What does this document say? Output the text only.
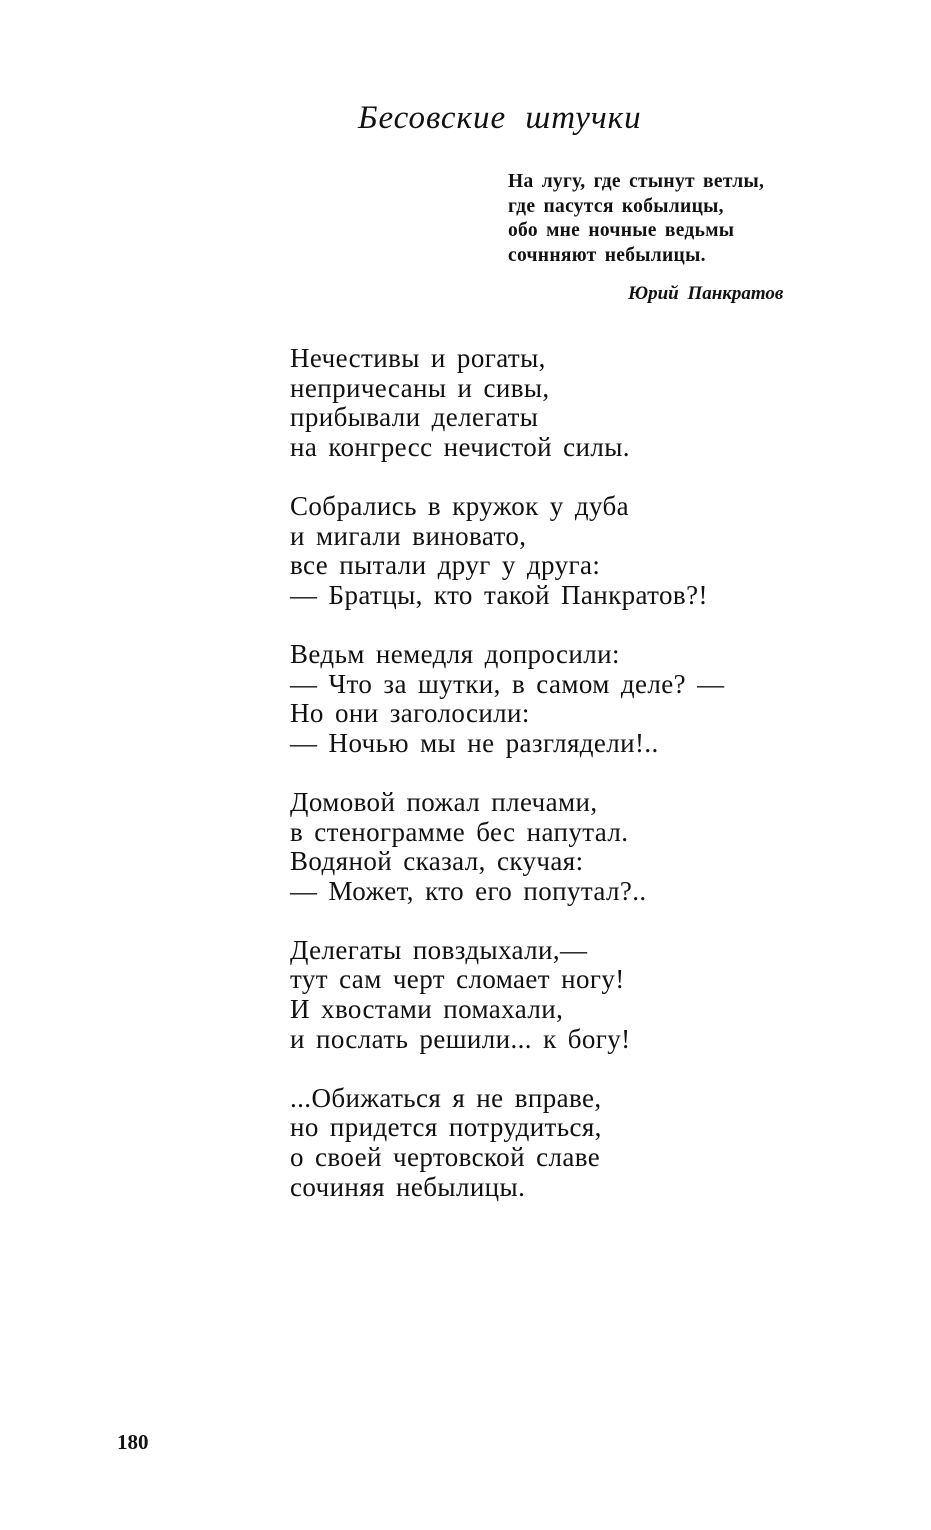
Бесовские штучки
На лугу, где стынут ветлы,
где пасутся кобылицы,
обо мне ночные ведьмы
сочнняют небылицы.
Юрий Панкратов
Нечестивы и рогаты,
непричесаны и сивы,
прибывали делегаты
на конгресс нечистой силы.
Собрались в кружок у дуба
и мигали виновато,
все пытали друг у друга:
— Братцы, кто такой Панкратов?!
Ведьм немедля допросили:
— Что за шутки, в самом деле? —
Но они заголосили:
— Ночью мы не разглядели!..
Домовой пожал плечами,
в стенограмме бес напутал.
Водяной сказал, скучая:
— Может, кто его попутал?..
Делегаты повздыхали,—
тут сам черт сломает ногу!
И хвостами помахали,
и послать решили... к богу!
...Обижаться я не вправе,
но придется потрудиться,
о своей чертовской славе
сочиняя небылицы.
180
